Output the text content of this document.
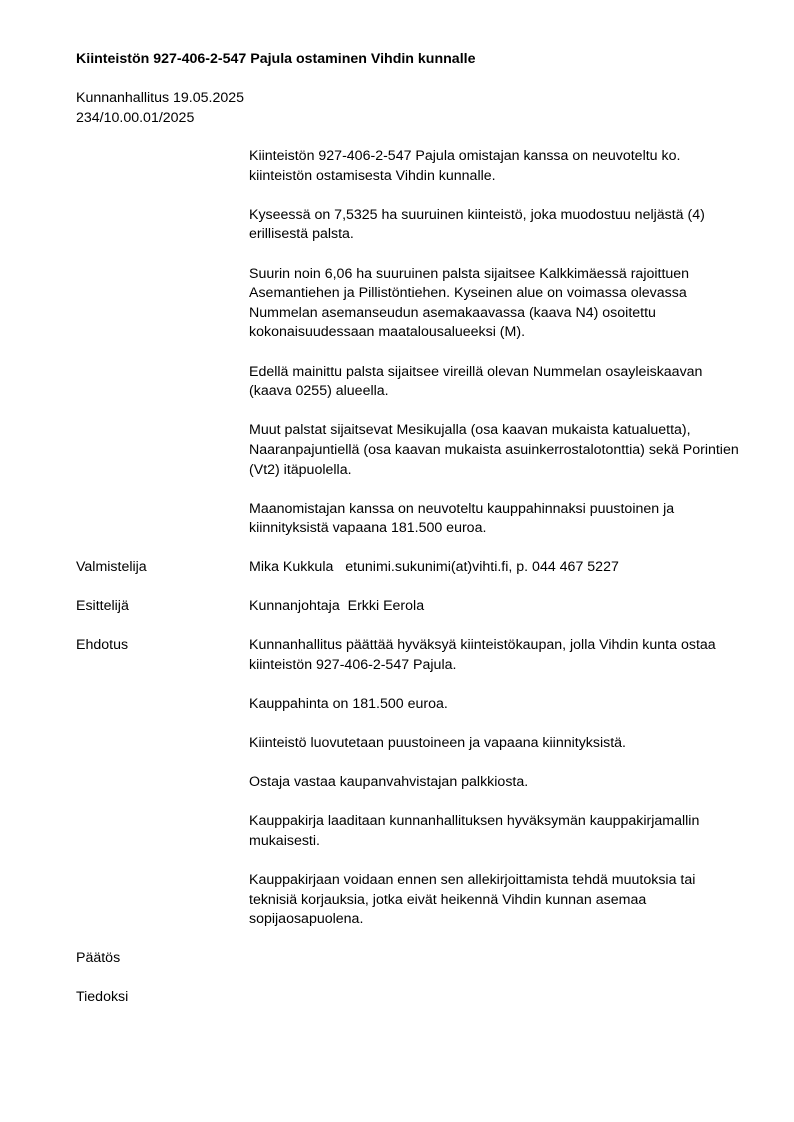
Kiinteistön 927-406-2-547 Pajula ostaminen Vihdin kunnalle
Kunnanhallitus 19.05.2025
234/10.00.01/2025

Kiinteistön 927-406-2-547 Pajula omistajan kanssa on neuvoteltu ko. kiinteistön ostamisesta Vihdin kunnalle.

Kyseessä on 7,5325 ha suuruinen kiinteistö, joka muodostuu neljästä (4) erillisestä palsta.

Suurin noin 6,06 ha suuruinen palsta sijaitsee Kalkkimäessä rajoittuen Asemantiehen ja Pillistöntiehen. Kyseinen alue on voimassa olevassa Nummelan asemanseudun asemakaavassa (kaava N4) osoitettu kokonaisuudessaan maatalousalueeksi (M).

Edellä mainittu palsta sijaitsee vireillä olevan Nummelan osayleiskaavan (kaava 0255) alueella.

Muut palstat sijaitsevat Mesikujalla (osa kaavan mukaista katualuetta), Naaranpajuntiellä (osa kaavan mukaista asuinkerrostalotonttia) sekä Porintien (Vt2) itäpuolella.

Maanomistajan kanssa on neuvoteltu kauppahinnaksi puustoinen ja kiinnityksistä vapaana 181.500 euroa.

Valmistelija	Mika Kukkula   etunimi.sukunimi(at)vihti.fi, p. 044 467 5227
Esittelijä	Kunnanjohtaja  Erkki Eerola
Ehdotus	Kunnanhallitus päättää hyväksyä kiinteistökaupan, jolla Vihdin kunta ostaa kiinteistön 927-406-2-547 Pajula.

Kauppahinta on 181.500 euroa.

Kiinteistö luovutetaan puustoineen ja vapaana kiinnityksistä.

Ostaja vastaa kaupanvahvistajan palkkiosta.

Kauppakirja laaditaan kunnanhallituksen hyväksymän kauppakirjamallin mukaisesti.

Kauppakirjaan voidaan ennen sen allekirjoittamista tehdä muutoksia tai teknisiä korjauksia, jotka eivät heikennä Vihdin kunnan asemaa sopijaosapuolena.

Päätös
Tiedoksi
